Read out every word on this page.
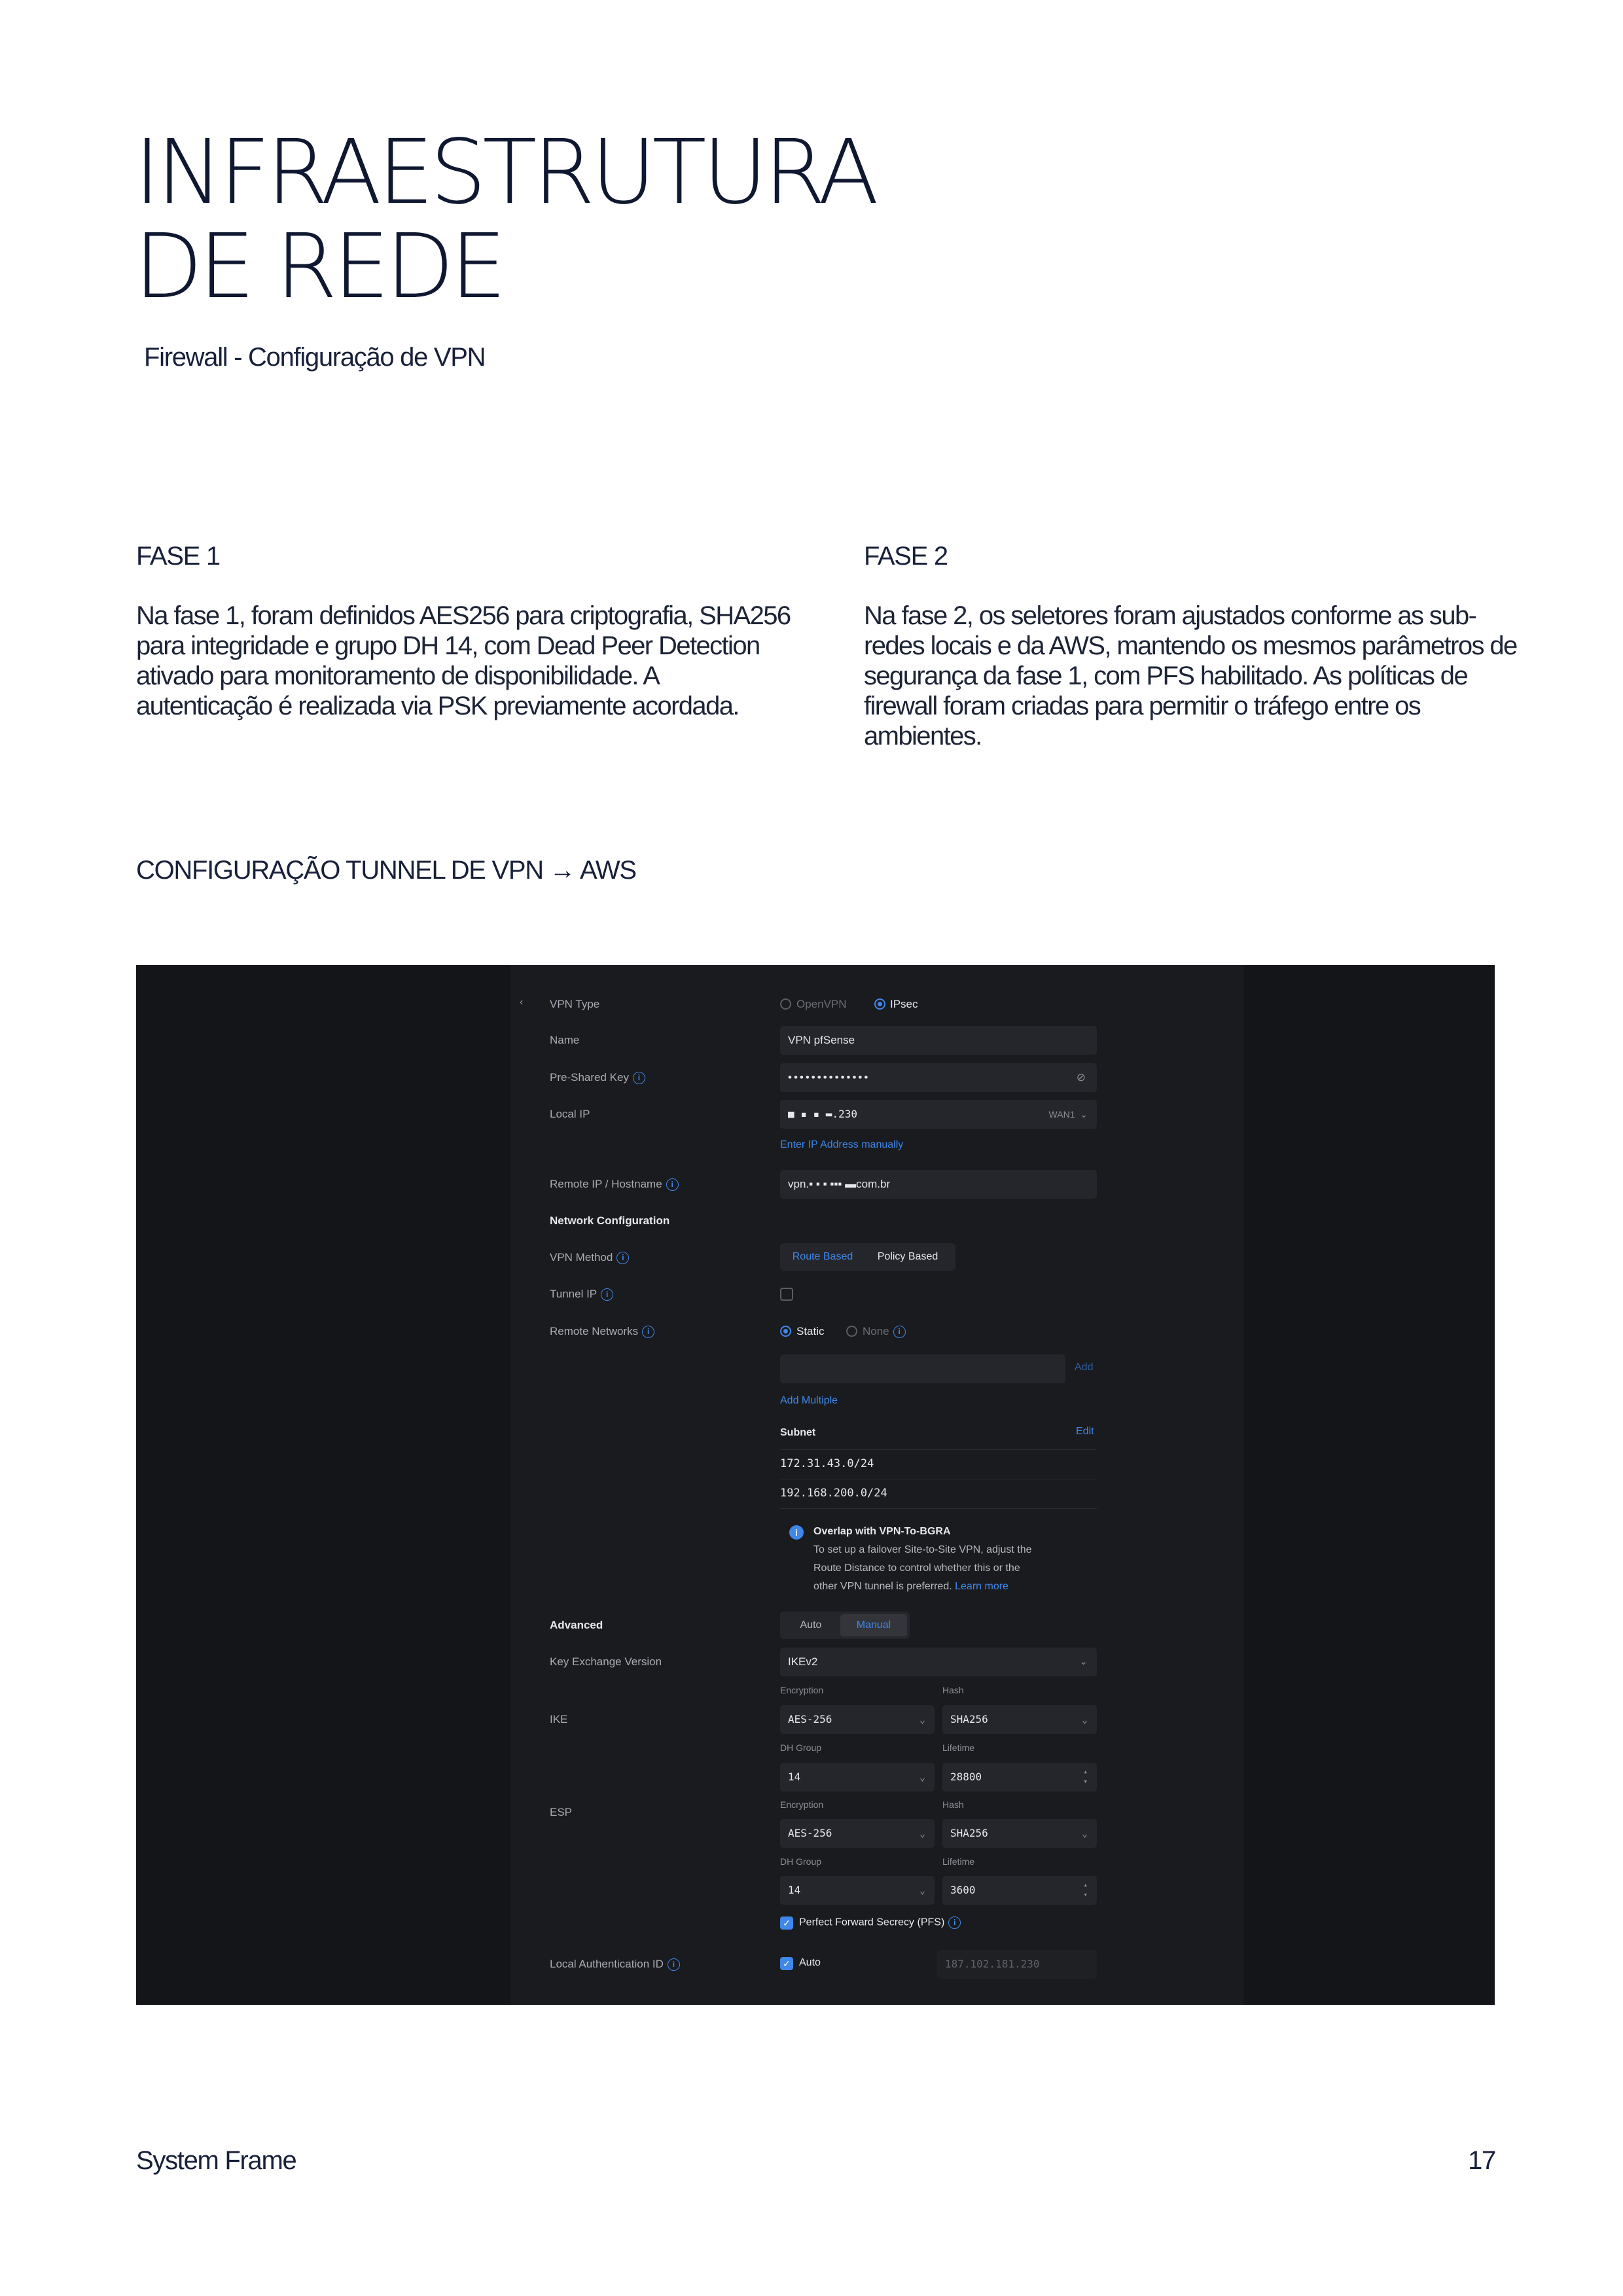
INFRAESTRUTURA
DE REDE
Firewall - Configuração de VPN
FASE 1
Na fase 1, foram definidos AES256 para criptografia, SHA256 para integridade e grupo DH 14, com Dead Peer Detection ativado para monitoramento de disponibilidade. A autenticação é realizada via PSK previamente acordada.
FASE 2
Na fase 2, os seletores foram ajustados conforme as sub-redes locais e da AWS, mantendo os mesmos parâmetros de segurança da fase 1, com PFS habilitado. As políticas de firewall foram criadas para permitir o tráfego entre os ambientes.
CONFIGURAÇÃO TUNNEL DE VPN → AWS
‹ VPN Type	OpenVPN	IPsec
Name	VPN pfSense
Pre-Shared Key i	••••••••••••••	⊘
Local IP	■ ▪ ▪ ▬.230	WAN1 ⌄
Enter IP Address manually
Remote IP / Hostname i	vpn.▪ ▪ ▪ ▪▪▪ ▬com.br
Network Configuration
VPN Method i	Route Based	Policy Based
Tunnel IP i
Remote Networks i	Static	None i
Add
Add Multiple
Subnet	Edit
172.31.43.0/24
192.168.200.0/24
i	Overlap with VPN-To-BGRA
To set up a failover Site-to-Site VPN, adjust the
Route Distance to control whether this or the
other VPN tunnel is preferred. Learn more
Advanced	Auto	Manual
Key Exchange Version	IKEv2	⌄
IKE
Encryption	Hash
AES-256	⌄	SHA256	⌄
DH Group	Lifetime
14	⌄	28800	▴
▾
ESP
Encryption	Hash
AES-256	⌄	SHA256	⌄
DH Group	Lifetime
14	⌄	3600	▴
▾
✓ Perfect Forward Secrecy (PFS) i
Local Authentication ID i	✓ Auto	187.102.181.230
System Frame	17
